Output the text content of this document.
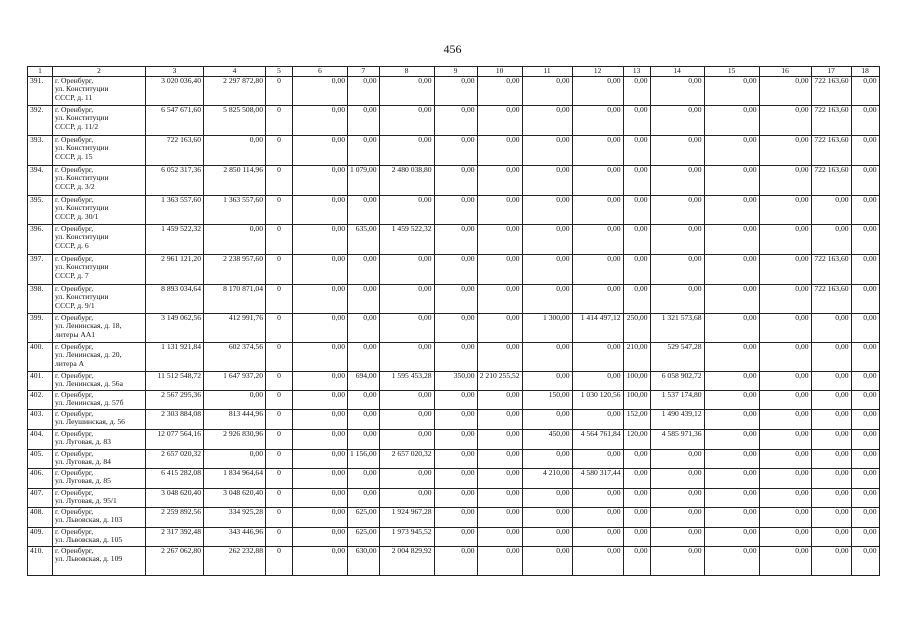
456
1	2	3	4	5	6	7	8	9	10	11	12	13	14	15	16	17	18
391.	г. Оренбург,
ул. Конституции
СССР, д. 11	3 020 036,40	2 297 872,80	0	0,00	0,00	0,00	0,00	0,00	0,00	0,00	0,00	0,00	0,00	0,00	722 163,60	0,00
392.	г. Оренбург,
ул. Конституции
СССР, д. 11/2	6 547 671,60	5 825 508,00	0	0,00	0,00	0,00	0,00	0,00	0,00	0,00	0,00	0,00	0,00	0,00	722 163,60	0,00
393.	г. Оренбург,
ул. Конституции
СССР, д. 15	722 163,60	0,00	0	0,00	0,00	0,00	0,00	0,00	0,00	0,00	0,00	0,00	0,00	0,00	722 163,60	0,00
394.	г. Оренбург,
ул. Конституции
СССР, д. 3/2	6 052 317,36	2 850 114,96	0	0,00	1 079,00	2 480 038,80	0,00	0,00	0,00	0,00	0,00	0,00	0,00	0,00	722 163,60	0,00
395.	г. Оренбург,
ул. Конституции
СССР, д. 30/1	1 363 557,60	1 363 557,60	0	0,00	0,00	0,00	0,00	0,00	0,00	0,00	0,00	0,00	0,00	0,00	0,00	0,00
396.	г. Оренбург,
ул. Конституции
СССР, д. 6	1 459 522,32	0,00	0	0,00	635,00	1 459 522,32	0,00	0,00	0,00	0,00	0,00	0,00	0,00	0,00	0,00	0,00
397.	г. Оренбург,
ул. Конституции
СССР, д. 7	2 961 121,20	2 238 957,60	0	0,00	0,00	0,00	0,00	0,00	0,00	0,00	0,00	0,00	0,00	0,00	722 163,60	0,00
398.	г. Оренбург,
ул. Конституции
СССР, д. 9/1	8 893 034,64	8 170 871,04	0	0,00	0,00	0,00	0,00	0,00	0,00	0,00	0,00	0,00	0,00	0,00	722 163,60	0,00
399.	г. Оренбург,
ул. Ленинская, д. 18,
литеры АА1	3 149 062,56	412 991,76	0	0,00	0,00	0,00	0,00	0,00	1 300,00	1 414 497,12	250,00	1 321 573,68	0,00	0,00	0,00	0,00
400.	г. Оренбург,
ул. Ленинская, д. 20,
литера А	1 131 921,84	602 374,56	0	0,00	0,00	0,00	0,00	0,00	0,00	0,00	210,00	529 547,28	0,00	0,00	0,00	0,00
401.	г. Оренбург,
ул. Ленинская, д. 56а	11 512 548,72	1 647 937,20	0	0,00	694,00	1 595 453,28	350,00	2 210 255,52	0,00	0,00	100,00	6 058 902,72	0,00	0,00	0,00	0,00
402.	г. Оренбург,
ул. Ленинская, д. 57б	2 567 295,36	0,00	0	0,00	0,00	0,00	0,00	0,00	150,00	1 030 120,56	100,00	1 537 174,80	0,00	0,00	0,00	0,00
403.	г. Оренбург,
ул. Леушинская, д. 56	2 303 884,08	813 444,96	0	0,00	0,00	0,00	0,00	0,00	0,00	0,00	152,00	1 490 439,12	0,00	0,00	0,00	0,00
404.	г. Оренбург,
ул. Луговая, д. 83	12 077 564,16	2 926 830,96	0	0,00	0,00	0,00	0,00	0,00	450,00	4 564 761,84	120,00	4 585 971,36	0,00	0,00	0,00	0,00
405.	г. Оренбург,
ул. Луговая, д. 84	2 657 020,32	0,00	0	0,00	1 156,00	2 657 020,32	0,00	0,00	0,00	0,00	0,00	0,00	0,00	0,00	0,00	0,00
406.	г. Оренбург,
ул. Луговая, д. 85	6 415 282,08	1 834 964,64	0	0,00	0,00	0,00	0,00	0,00	4 210,00	4 580 317,44	0,00	0,00	0,00	0,00	0,00	0,00
407.	г. Оренбург,
ул. Луговая, д. 95/1	3 048 620,40	3 048 620,40	0	0,00	0,00	0,00	0,00	0,00	0,00	0,00	0,00	0,00	0,00	0,00	0,00	0,00
408.	г. Оренбург,
ул. Львовская, д. 103	2 259 892,56	334 925,28	0	0,00	625,00	1 924 967,28	0,00	0,00	0,00	0,00	0,00	0,00	0,00	0,00	0,00	0,00
409.	г. Оренбург,
ул. Львовская, д. 105	2 317 392,48	343 446,96	0	0,00	625,00	1 973 945,52	0,00	0,00	0,00	0,00	0,00	0,00	0,00	0,00	0,00	0,00
410.	г. Оренбург,
ул. Львовская, д. 109	2 267 062,80	262 232,88	0	0,00	630,00	2 004 829,92	0,00	0,00	0,00	0,00	0,00	0,00	0,00	0,00	0,00	0,00
